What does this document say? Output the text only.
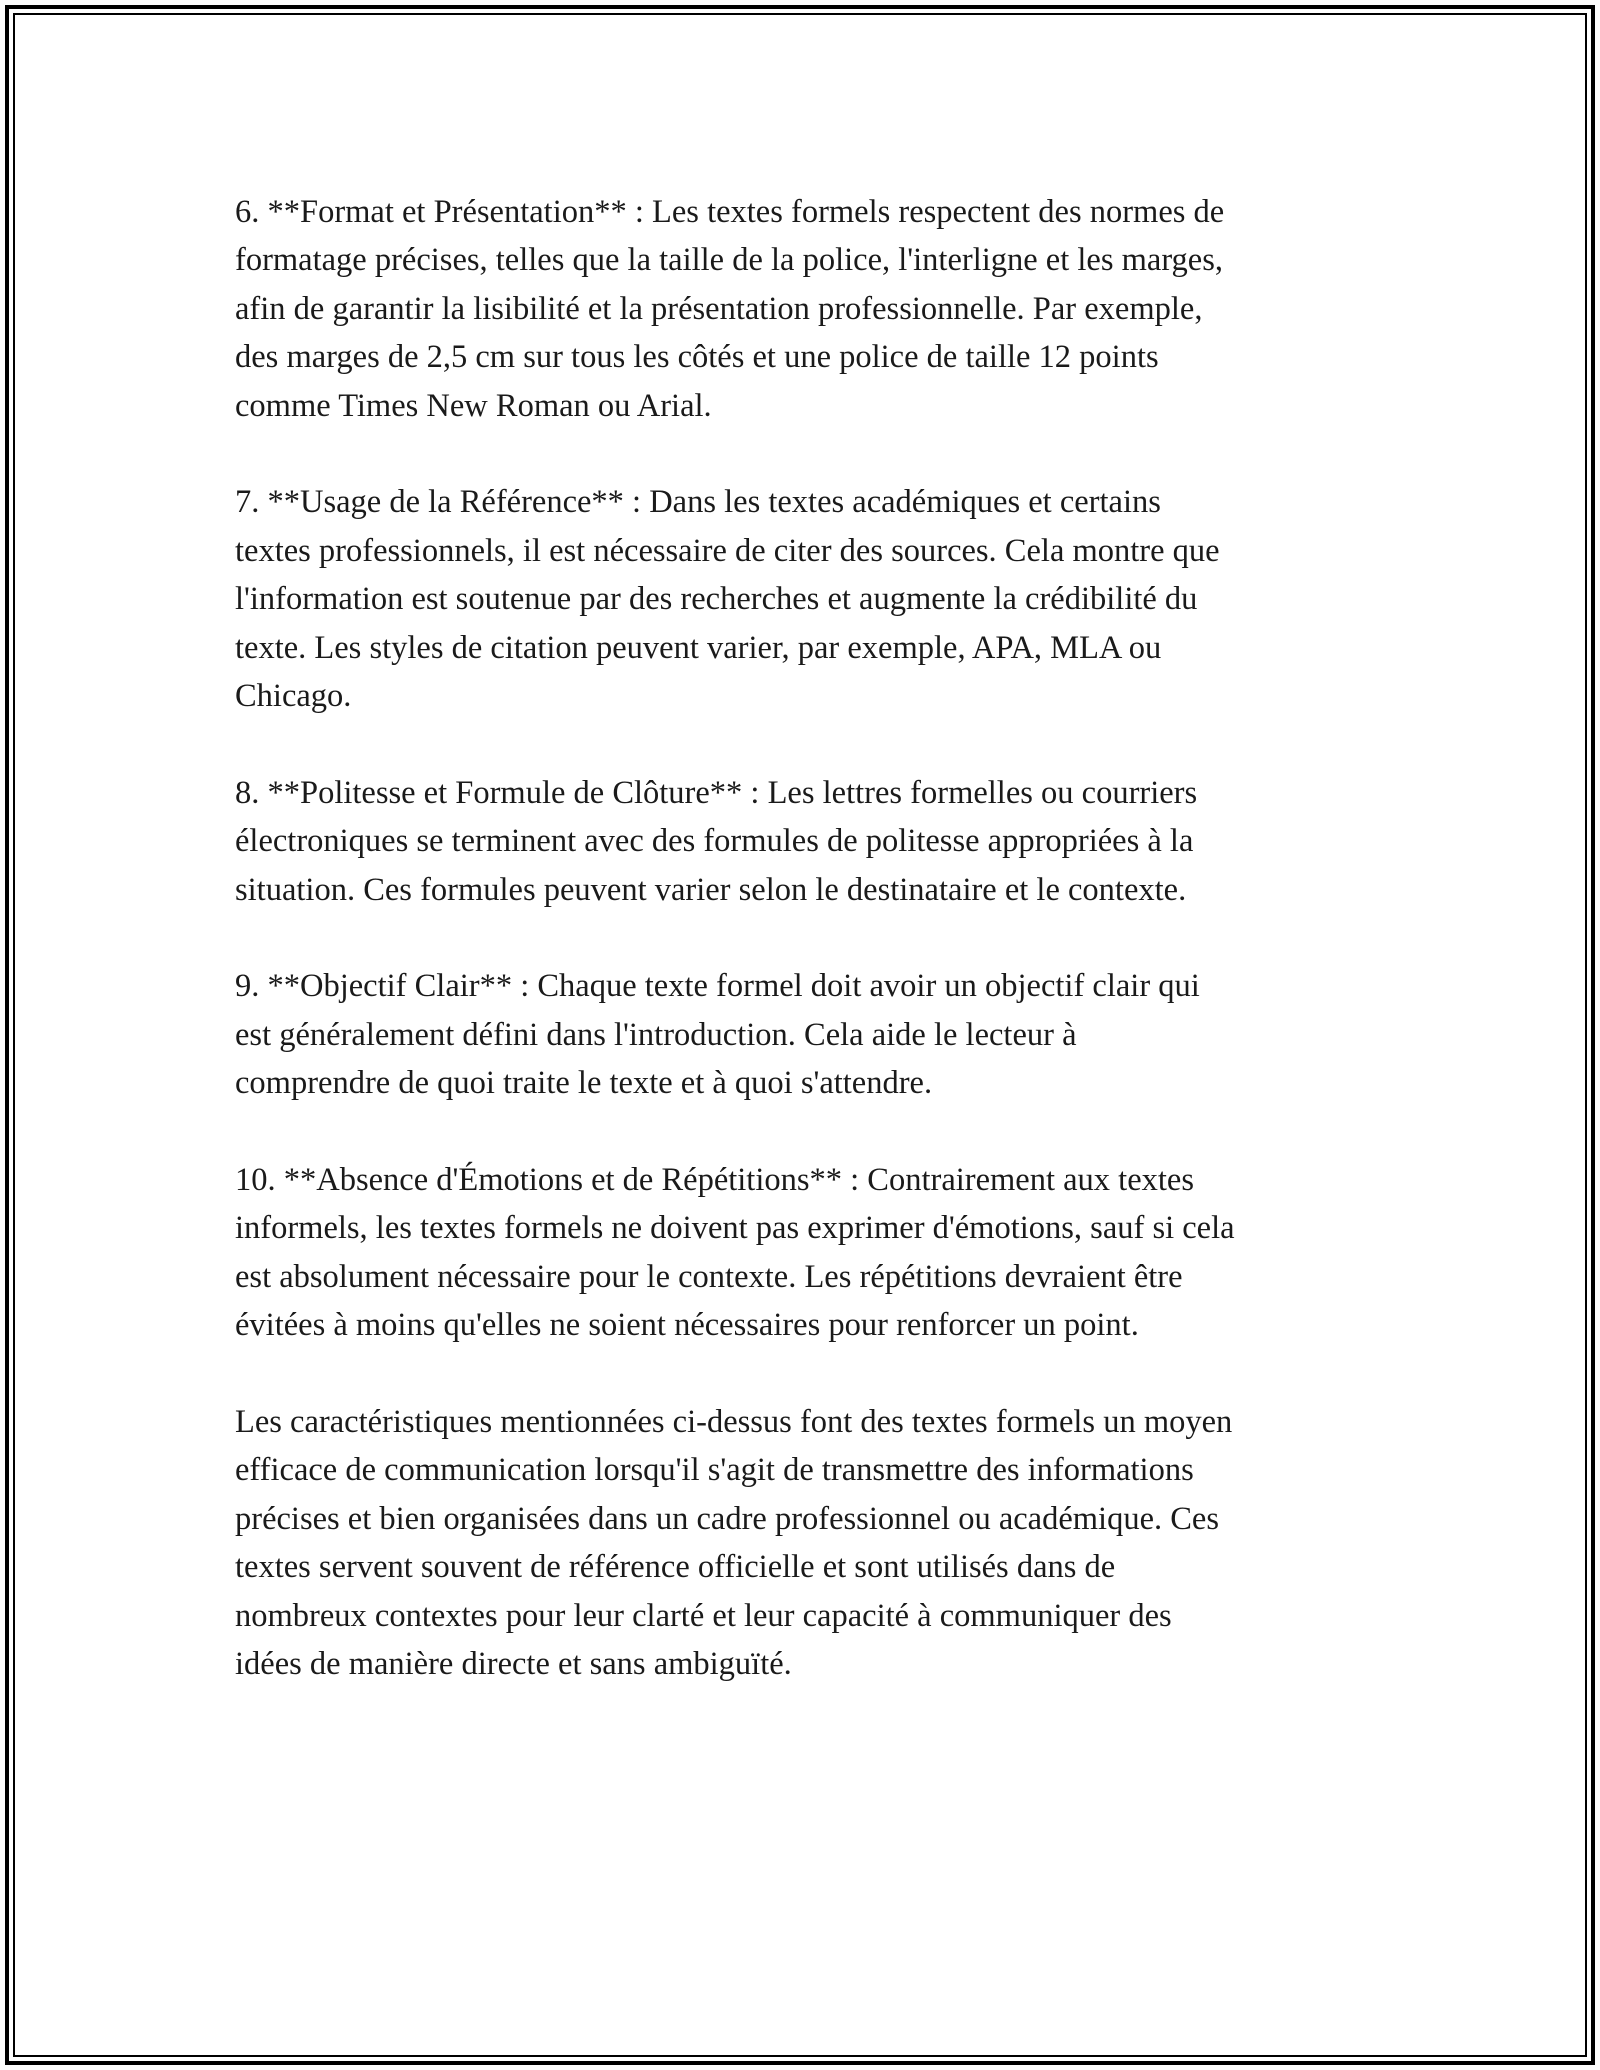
6. **Format et Présentation** : Les textes formels respectent des normes de
formatage précises, telles que la taille de la police, l'interligne et les marges,
afin de garantir la lisibilité et la présentation professionnelle. Par exemple,
des marges de 2,5 cm sur tous les côtés et une police de taille 12 points
comme Times New Roman ou Arial.

7. **Usage de la Référence** : Dans les textes académiques et certains
textes professionnels, il est nécessaire de citer des sources. Cela montre que
l'information est soutenue par des recherches et augmente la crédibilité du
texte. Les styles de citation peuvent varier, par exemple, APA, MLA ou
Chicago.

8. **Politesse et Formule de Clôture** : Les lettres formelles ou courriers
électroniques se terminent avec des formules de politesse appropriées à la
situation. Ces formules peuvent varier selon le destinataire et le contexte.

9. **Objectif Clair** : Chaque texte formel doit avoir un objectif clair qui
est généralement défini dans l'introduction. Cela aide le lecteur à
comprendre de quoi traite le texte et à quoi s'attendre.

10. **Absence d'Émotions et de Répétitions** : Contrairement aux textes
informels, les textes formels ne doivent pas exprimer d'émotions, sauf si cela
est absolument nécessaire pour le contexte. Les répétitions devraient être
évitées à moins qu'elles ne soient nécessaires pour renforcer un point.

Les caractéristiques mentionnées ci-dessus font des textes formels un moyen
efficace de communication lorsqu'il s'agit de transmettre des informations
précises et bien organisées dans un cadre professionnel ou académique. Ces
textes servent souvent de référence officielle et sont utilisés dans de
nombreux contextes pour leur clarté et leur capacité à communiquer des
idées de manière directe et sans ambiguïté.
